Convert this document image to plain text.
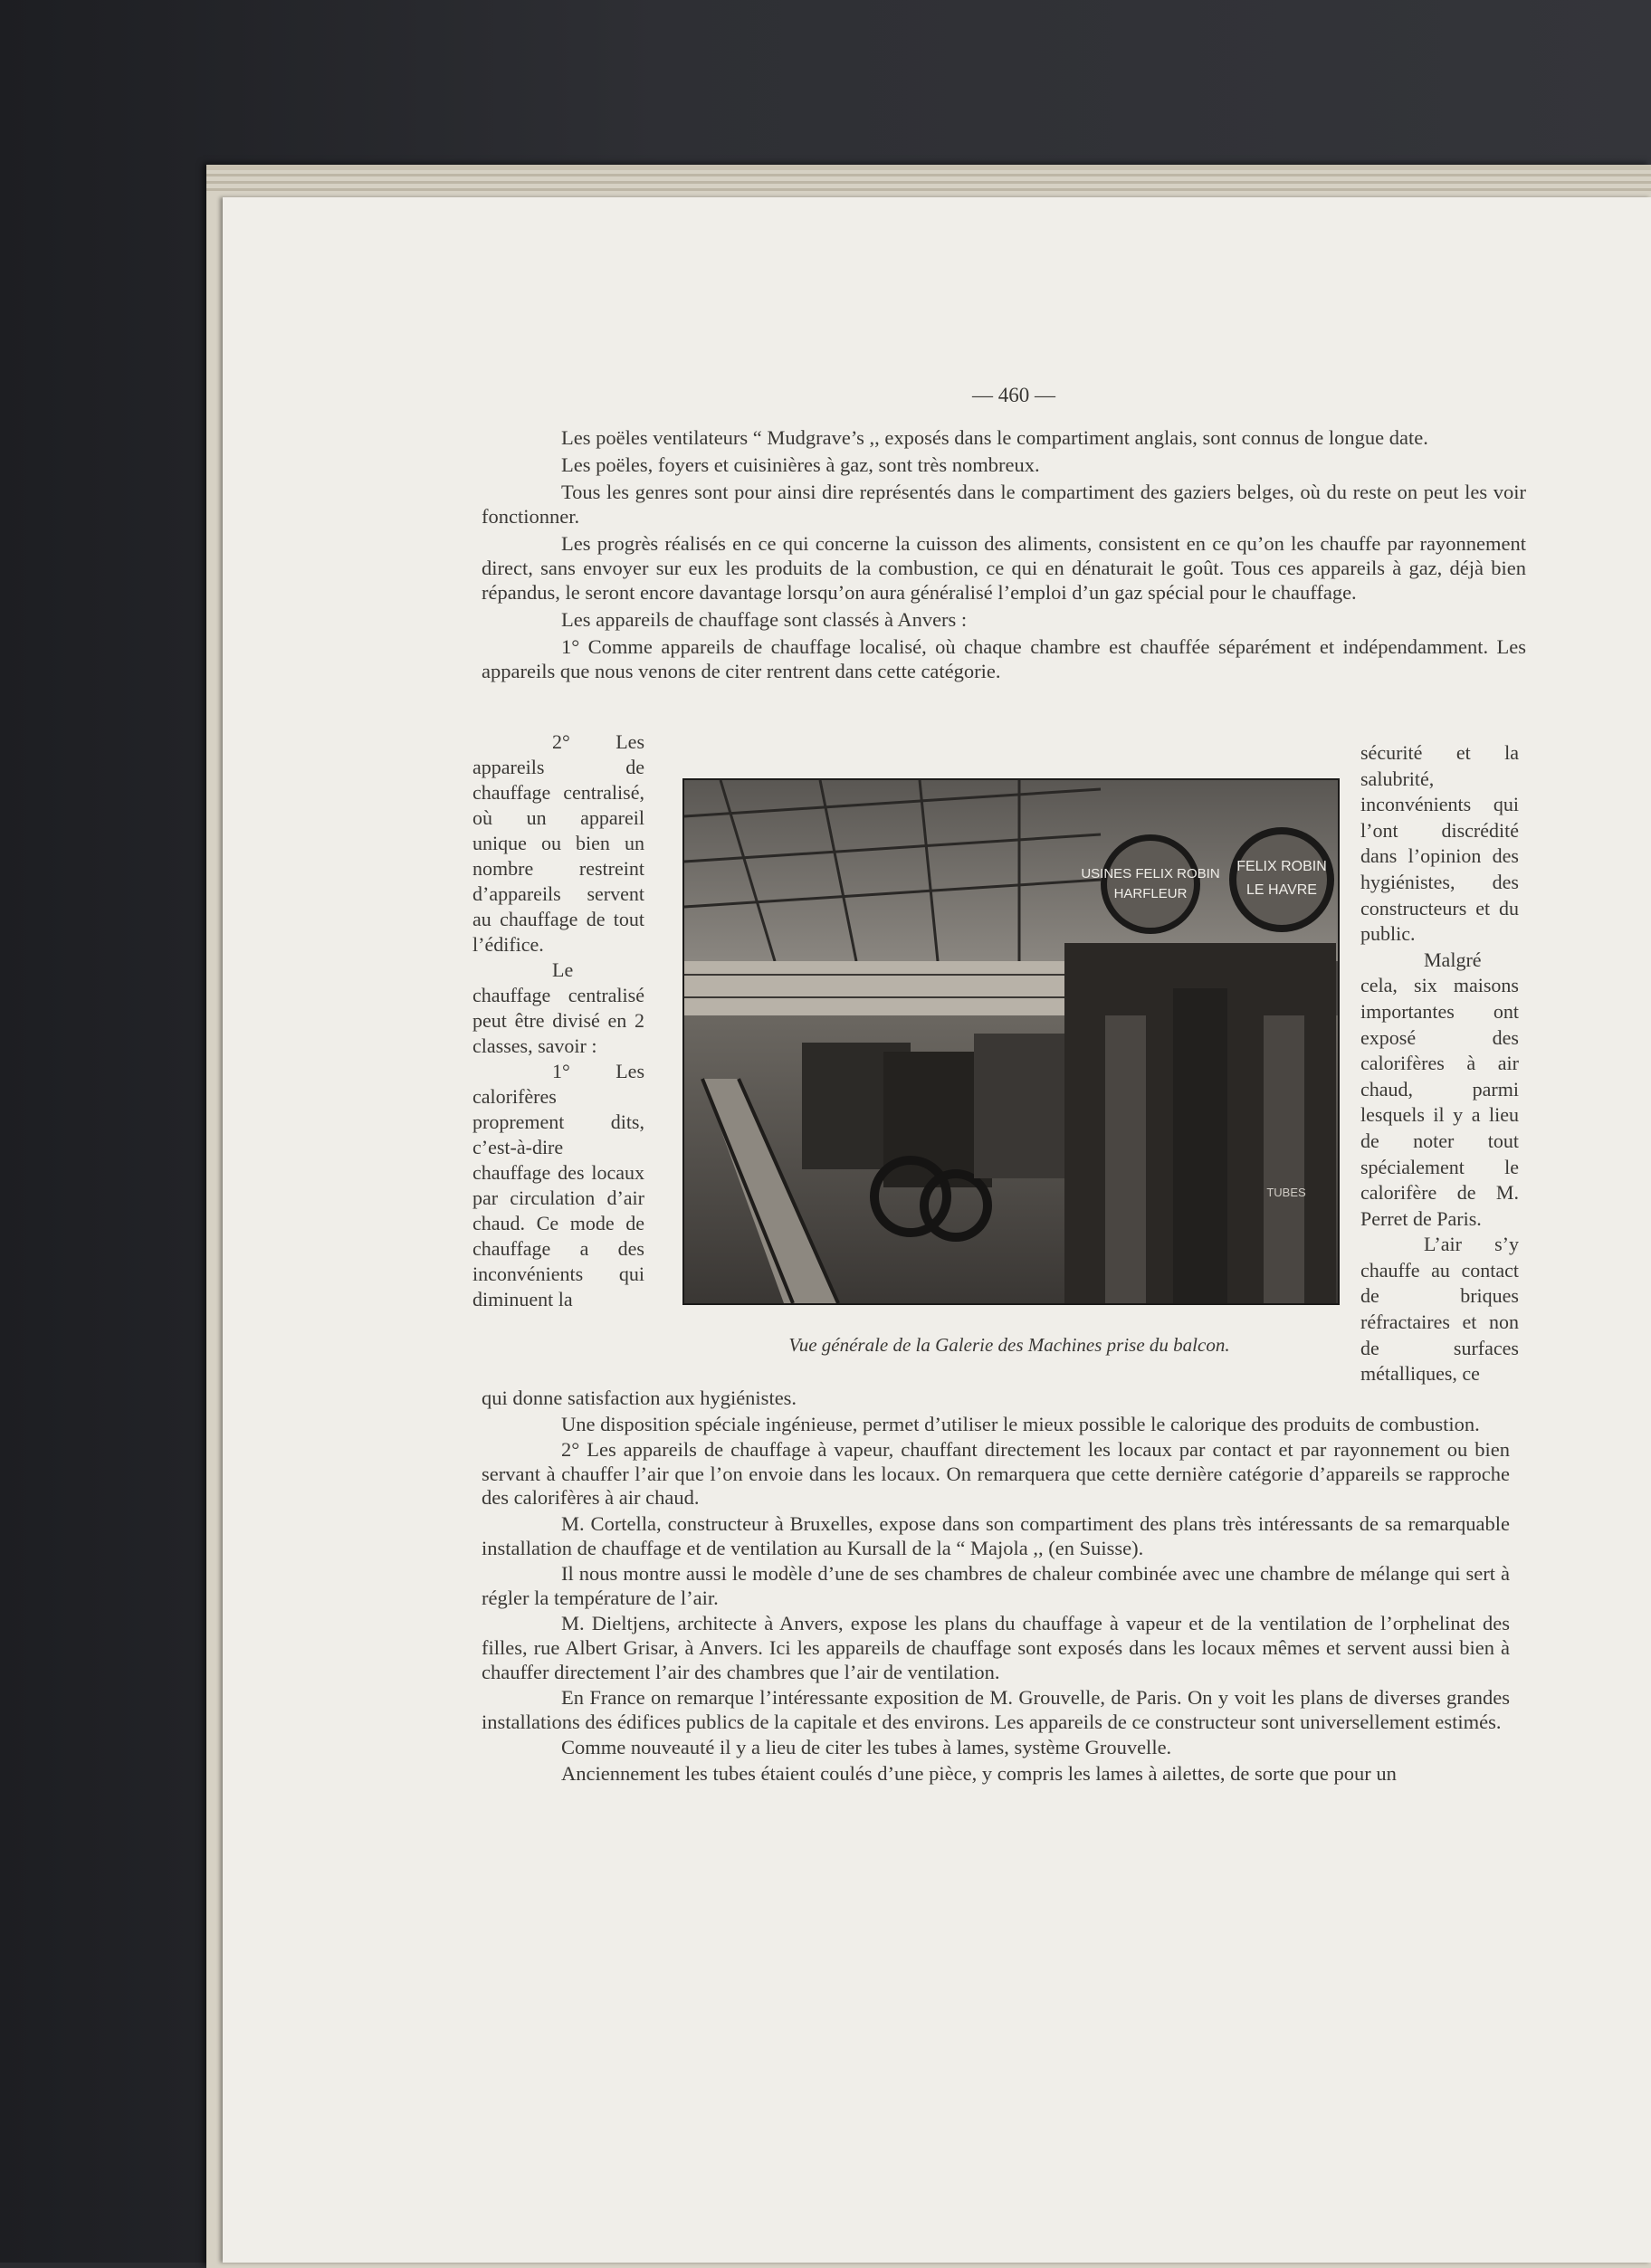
— 460 —

Les poëles ventilateurs “ Mudgrave’s ,, exposés dans le compartiment anglais, sont connus de longue date.

Les poëles, foyers et cuisinières à gaz, sont très nombreux.

Tous les genres sont pour ainsi dire représentés dans le compartiment des gaziers belges, où du reste on peut les voir fonctionner.

Les progrès réalisés en ce qui concerne la cuisson des aliments, consistent en ce qu’on les chauffe par rayonnement direct, sans envoyer sur eux les produits de la combustion, ce qui en dénaturait le goût. Tous ces appareils à gaz, déjà bien répandus, le seront encore davantage lorsqu’on aura généralisé l’emploi d’un gaz spécial pour le chauffage.

Les appareils de chauffage sont classés à Anvers :

1° Comme appareils de chauffage localisé, où chaque chambre est chauffée séparément et indépendamment. Les appareils que nous venons de citer rentrent dans cette catégorie.

2° Les appareils de chauffage centralisé, où un appareil unique ou bien un nombre restreint d’appareils servent au chauffage de tout l’édifice.

Le chauffage centralisé peut être divisé en 2 classes, savoir :

1° Les calorifères proprement dits, c’est-à-dire chauffage des locaux par circulation d’air chaud. Ce mode de chauffage a des inconvénients qui diminuent la

USINES FELIX ROBIN
HARFLEUR
FELIX ROBIN
LE HAVRE
TUBES
Vue générale de la Galerie des Machines prise du balcon.

sécurité et la salubrité, inconvénients qui l’ont discrédité dans l’opinion des hygiénistes, des constructeurs et du public.

Malgré cela, six maisons importantes ont exposé des calorifères à air chaud, parmi lesquels il y a lieu de noter tout spécialement le calorifère de M. Perret de Paris.

L’air s’y chauffe au contact de briques réfractaires et non de surfaces métalliques, ce

qui donne satisfaction aux hygiénistes.

Une disposition spéciale ingénieuse, permet d’utiliser le mieux possible le calorique des produits de combustion.

2° Les appareils de chauffage à vapeur, chauffant directement les locaux par contact et par rayonnement ou bien servant à chauffer l’air que l’on envoie dans les locaux. On remarquera que cette dernière catégorie d’appareils se rapproche des calorifères à air chaud.

M. Cortella, constructeur à Bruxelles, expose dans son compartiment des plans très intéressants de sa remarquable installation de chauffage et de ventilation au Kursall de la “ Majola ,, (en Suisse).

Il nous montre aussi le modèle d’une de ses chambres de chaleur combinée avec une chambre de mélange qui sert à régler la température de l’air.

M. Dieltjens, architecte à Anvers, expose les plans du chauffage à vapeur et de la ventilation de l’orphelinat des filles, rue Albert Grisar, à Anvers. Ici les appareils de chauffage sont exposés dans les locaux mêmes et servent aussi bien à chauffer directement l’air des chambres que l’air de ventilation.

En France on remarque l’intéressante exposition de M. Grouvelle, de Paris. On y voit les plans de diverses grandes installations des édifices publics de la capitale et des environs. Les appareils de ce constructeur sont universellement estimés.

Comme nouveauté il y a lieu de citer les tubes à lames, système Grouvelle.

Anciennement les tubes étaient coulés d’une pièce, y compris les lames à ailettes, de sorte que pour un
